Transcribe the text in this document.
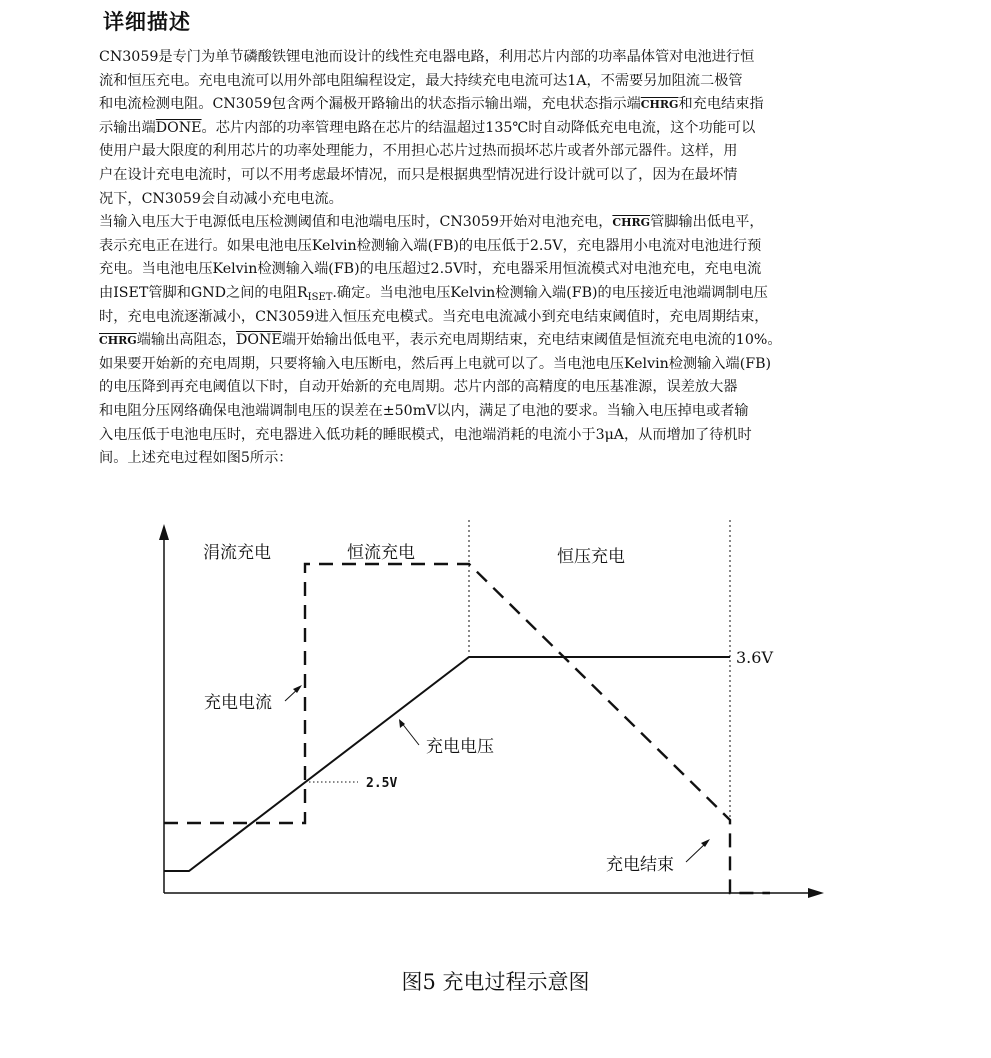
详细描述
CN3059是专门为单节磷酸铁锂电池而设计的线性充电器电路，利用芯片内部的功率晶体管对电池进行恒
流和恒压充电。充电电流可以用外部电阻编程设定，最大持续充电电流可达1A，不需要另加阻流二极管
和电流检测电阻。CN3059包含两个漏极开路输出的状态指示输出端，充电状态指示端CHRG和充电结束指
示输出端DONE。芯片内部的功率管理电路在芯片的结温超过135℃时自动降低充电电流，这个功能可以
使用户最大限度的利用芯片的功率处理能力，不用担心芯片过热而损坏芯片或者外部元器件。这样，用
户在设计充电电流时，可以不用考虑最坏情况，而只是根据典型情况进行设计就可以了，因为在最坏情
况下，CN3059会自动减小充电电流。
当输入电压大于电源低电压检测阈值和电池端电压时，CN3059开始对电池充电，CHRG管脚输出低电平，
表示充电正在进行。如果电池电压Kelvin检测输入端(FB)的电压低于2.5V，充电器用小电流对电池进行预
充电。当电池电压Kelvin检测输入端(FB)的电压超过2.5V时，充电器采用恒流模式对电池充电，充电电流
由ISET管脚和GND之间的电阻$R_{ISET}$.确定。当电池电压Kelvin检测输入端(FB)的电压接近电池端调制电压
时，充电电流逐渐减小，CN3059进入恒压充电模式。当充电电流减小到充电结束阈值时，充电周期结束，
CHRG端输出高阻态，DONE端开始输出低电平，表示充电周期结束，充电结束阈值是恒流充电电流的10%。
如果要开始新的充电周期，只要将输入电压断电，然后再上电就可以了。当电池电压Kelvin检测输入端(FB)
的电压降到再充电阈值以下时，自动开始新的充电周期。芯片内部的高精度的电压基准源，误差放大器
和电阻分压网络确保电池端调制电压的误差在±50mV以内，满足了电池的要求。当输入电压掉电或者输
入电压低于电池电压时，充电器进入低功耗的睡眠模式，电池端消耗的电流小于3μA，从而增加了待机时
间。上述充电过程如图5所示：
涓流充电	恒流充电	恒压充电
充电电流
充电电压
充电结束
3.6V
2.5V
图5 充电过程示意图
